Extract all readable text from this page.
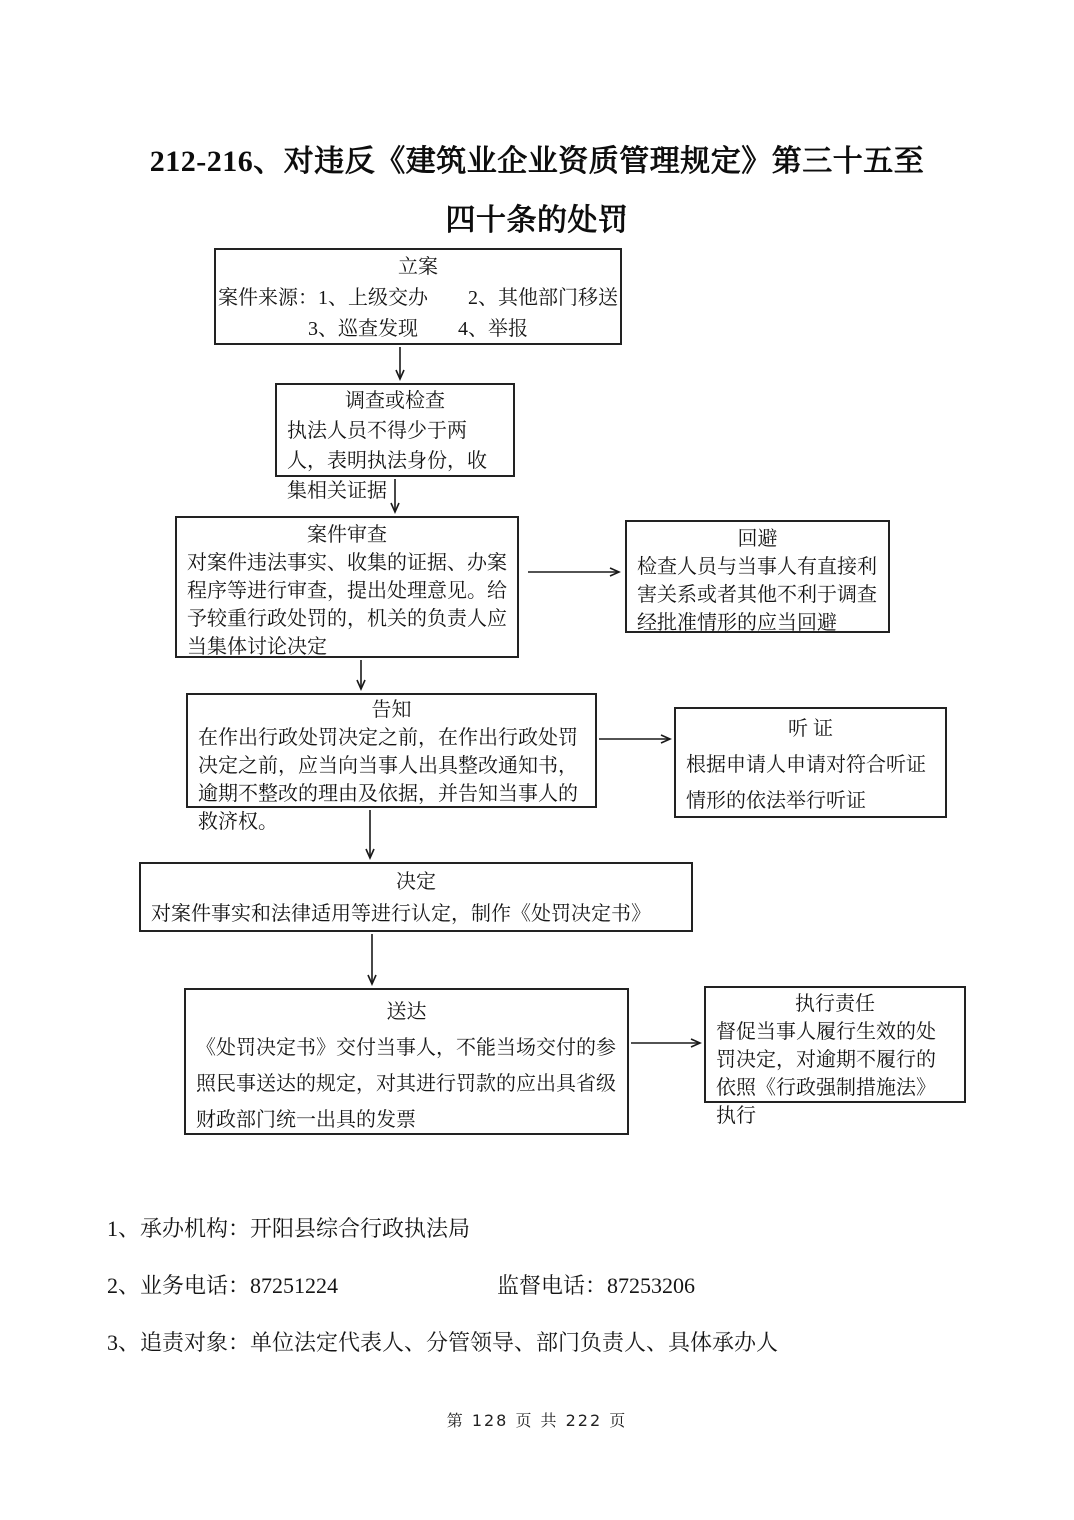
212-216、对违反《建筑业企业资质管理规定》第三十五至
四十条的处罚
立案
案件来源：1、上级交办　　2、其他部门移送
3、巡查发现　　4、举报
调查或检查
执法人员不得少于两人，表明执法身份，收集相关证据
案件审查
对案件违法事实、收集的证据、办案程序等进行审查，提出处理意见。给予较重行政处罚的，机关的负责人应当集体讨论决定
回避
检查人员与当事人有直接利害关系或者其他不利于调查经批准情形的应当回避
告知
在作出行政处罚决定之前，在作出行政处罚决定之前，应当向当事人出具整改通知书，逾期不整改的理由及依据，并告知当事人的救济权。
听 证
根据申请人申请对符合听证情形的依法举行听证
决定
对案件事实和法律适用等进行认定，制作《处罚决定书》
送达
《处罚决定书》交付当事人，不能当场交付的参照民事送达的规定，对其进行罚款的应出具省级财政部门统一出具的发票
执行责任
督促当事人履行生效的处罚决定，对逾期不履行的依照《行政强制措施法》执行
1、承办机构：开阳县综合行政执法局
2、业务电话：87251224	监督电话：87253206
3、追责对象：单位法定代表人、分管领导、部门负责人、具体承办人
第 128 页 共 222 页
